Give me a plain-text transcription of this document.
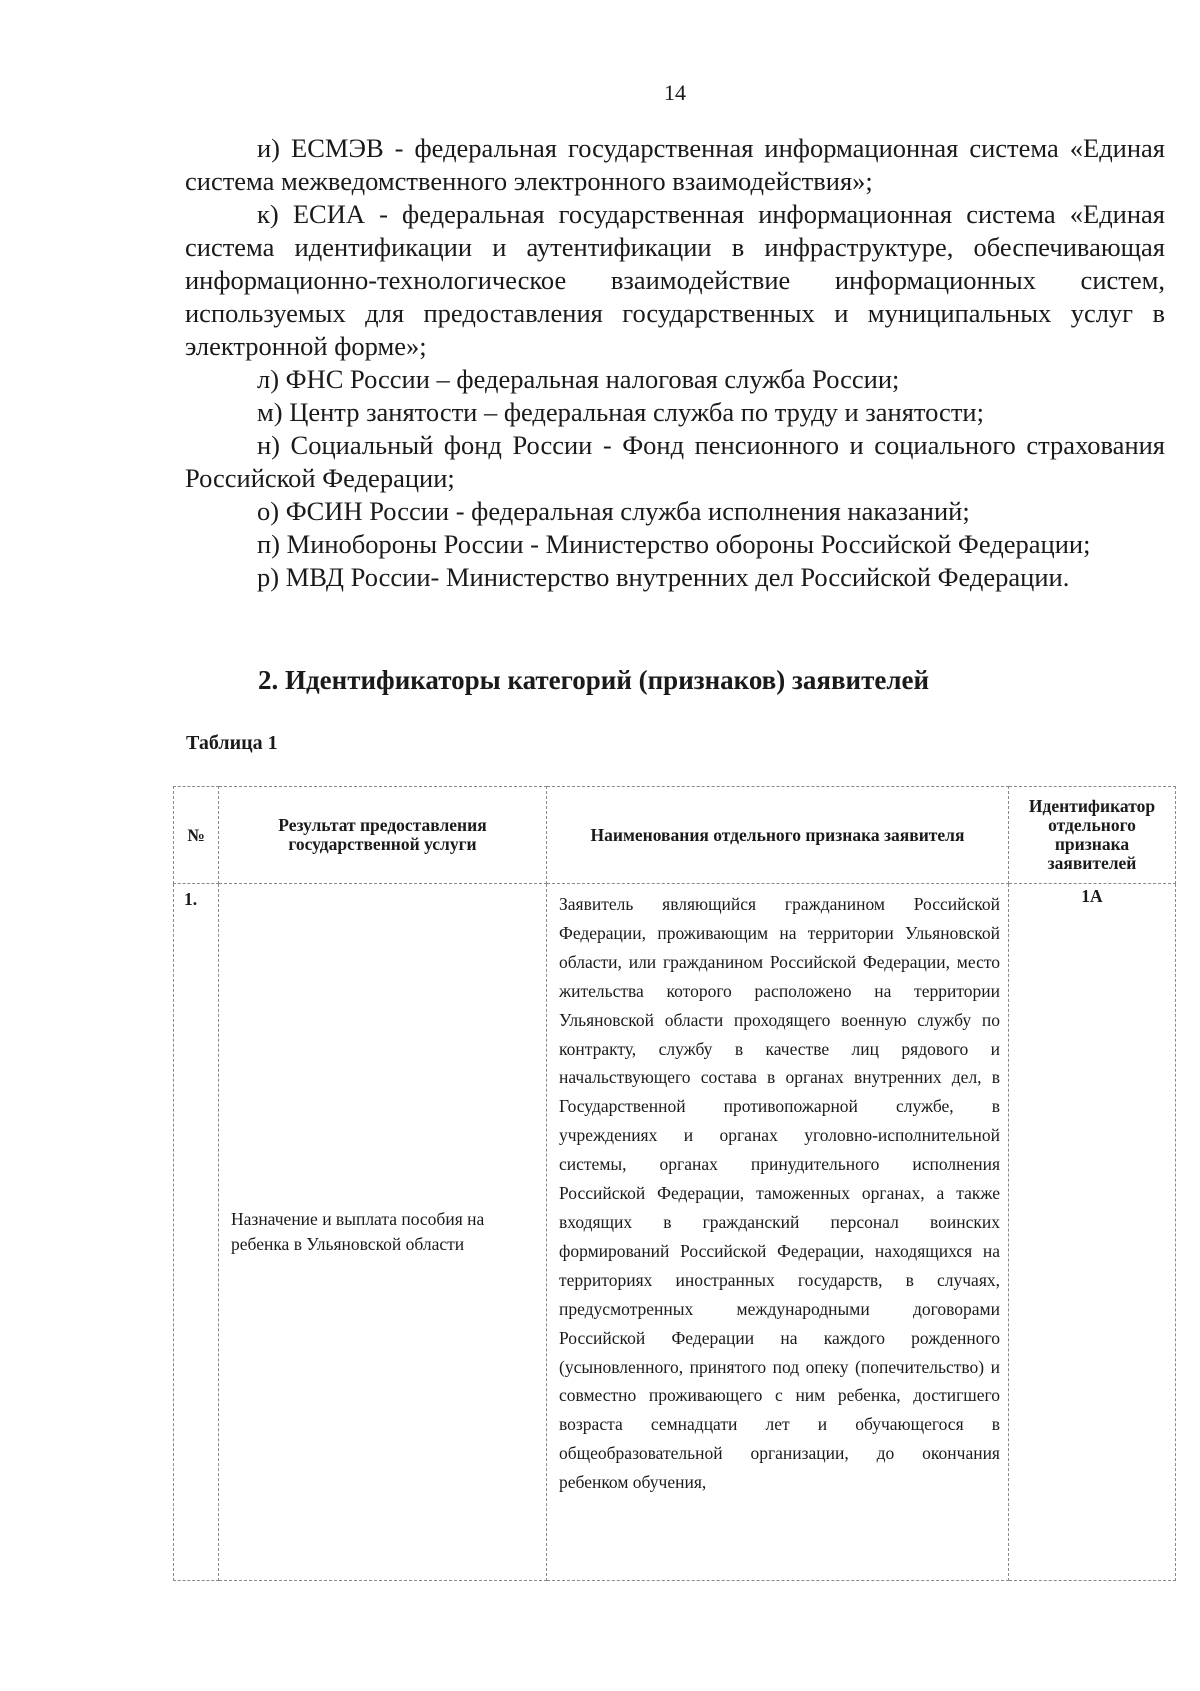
14

и) ЕСМЭВ - федеральная государственная информационная система «Единая система межведомственного электронного взаимодействия»;

к) ЕСИА - федеральная государственная информационная система «Единая система идентификации и аутентификации в инфраструктуре, обеспечивающая информационно-технологическое взаимодействие информационных систем, используемых для предоставления государственных и муниципальных услуг в электронной форме»;

л) ФНС России – федеральная налоговая служба России;

м) Центр занятости – федеральная служба по труду и занятости;

н) Социальный фонд России - Фонд пенсионного и социального страхования Российской Федерации;

о) ФСИН России - федеральная служба исполнения наказаний;

п) Минобороны России - Министерство обороны Российской Федерации;

р) МВД России- Министерство внутренних дел Российской Федерации.

2. Идентификаторы категорий (признаков) заявителей
Таблица 1
№	Результат предоставления государственной услуги	Наименования отдельного признака заявителя	Идентификатор отдельного признака заявителей
1.	Назначение и выплата пособия на ребенка в Ульяновской области	Заявитель являющийся гражданином Российской Федерации, проживающим на территории Ульяновской области, или гражданином Российской Федерации, место жительства которого расположено на территории Ульяновской области проходящего военную службу по контракту, службу в качестве лиц рядового и начальствующего состава в органах внутренних дел, в Государственной противопожарной службе, в учреждениях и органах уголовно-исполнительной системы, органах принудительного исполнения Российской Федерации, таможенных органах, а также входящих в гражданский персонал воинских формирований Российской Федерации, находящихся на территориях иностранных государств, в случаях, предусмотренных международными договорами Российской Федерации на каждого рожденного (усыновленного, принятого под опеку (попечительство) и совместно проживающего с ним ребенка, достигшего возраста семнадцати лет и обучающегося в общеобразовательной организации, до окончания ребенком обучения,	1А
